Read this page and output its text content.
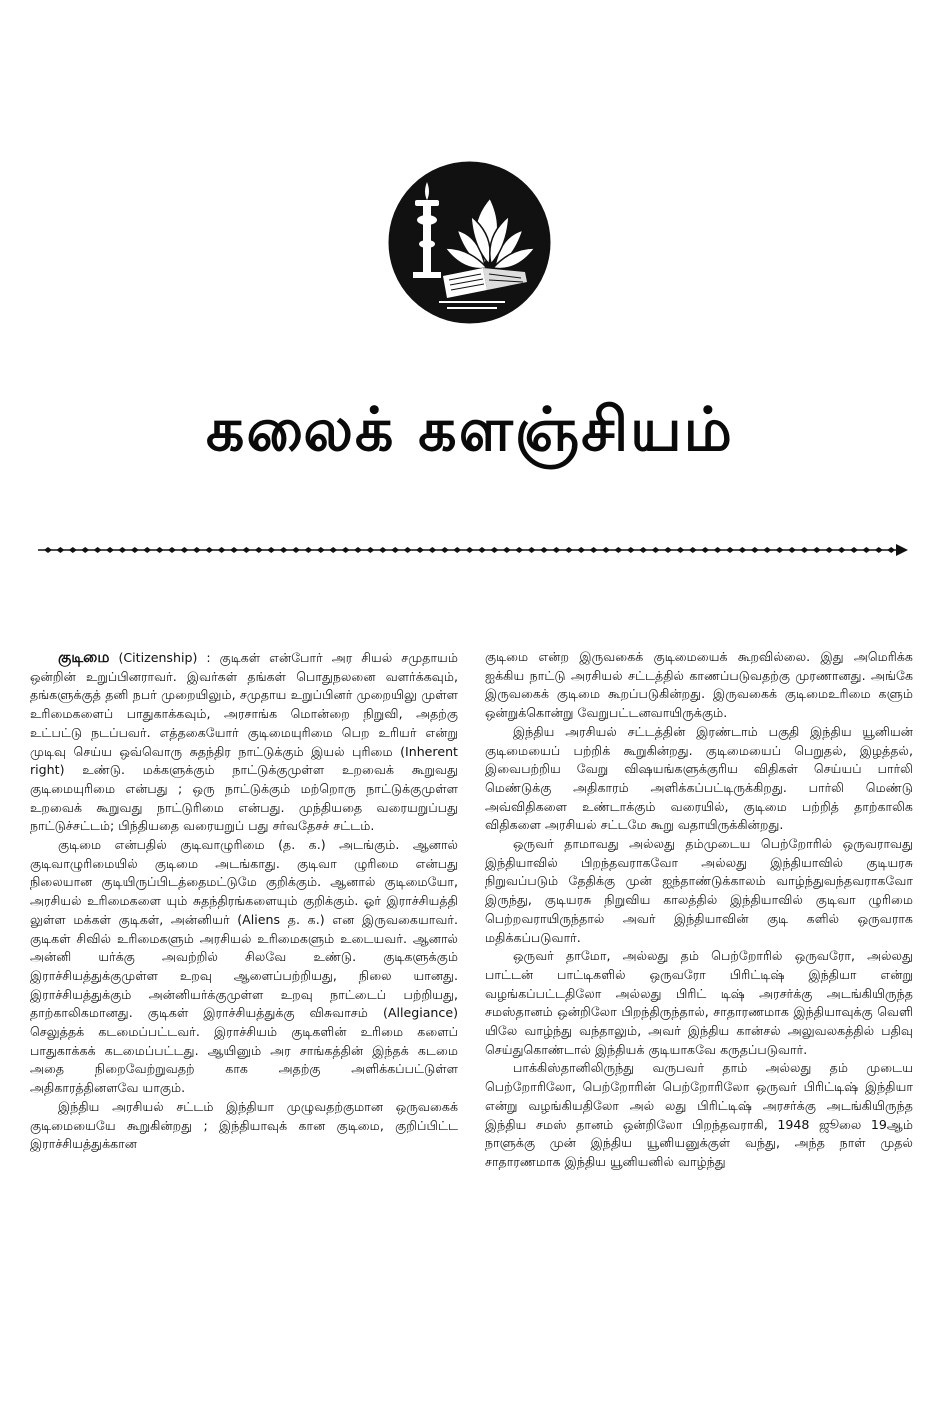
கலைக் களஞ்சியம்

குடிமை (Citizenship) : குடிகள் என்போர் அர சியல் சமுதாயம் ஒன்றின் உறுப்பினராவர். இவர்கள் தங்கள் பொதுநலனை வளர்க்கவும், தங்களுக்குத் தனி நபர் முறையிலும், சமுதாய உறுப்பினர் முறையிலு முள்ள உரிமைகளைப் பாதுகாக்கவும், அரசாங்க மொன்றை நிறுவி, அதற்கு உட்பட்டு நடப்பவர். எத்தகையோர் குடிமையுரிமை பெற உரியர் என்று முடிவு செய்ய ஒவ்வொரு சுதந்திர நாட்டுக்கும் இயல் புரிமை (Inherent right) உண்டு. மக்களுக்கும் நாட்டுக்குமுள்ள உறவைக் கூறுவது குடிமையுரிமை என்பது ; ஒரு நாட்டுக்கும் மற்றொரு நாட்டுக்குமுள்ள உறவைக் கூறுவது நாட்டுரிமை என்பது. முந்தியதை வரையறுப்பது நாட்டுச்சட்டம்; பிந்தியதை வரையறுப் பது சர்வதேசச் சட்டம்.

குடிமை என்பதில் குடிவாழுரிமை (த. க.) அடங்கும். ஆனால் குடிவாழுரிமையில் குடிமை அடங்காது. குடிவா ழுரிமை என்பது நிலையான குடியிருப்பிடத்தைமட்டுமே குறிக்கும். ஆனால் குடிமையோ, அரசியல் உரிமைகளை யும் சுதந்திரங்களையும் குறிக்கும். ஓர் இராச்சியத்தி லுள்ள மக்கள் குடிகள், அன்னியர் (Aliens த. க.) என இருவகையாவர். குடிகள் சிவில் உரிமைகளும் அரசியல் உரிமைகளும் உடையவர். ஆனால் அன்னி யர்க்கு அவற்றில் சிலவே உண்டு. குடிகளுக்கும் இராச்சியத்துக்குமுள்ள உறவு ஆளைப்பற்றியது, நிலை யானது. இராச்சியத்துக்கும் அன்னியர்க்குமுள்ள உறவு நாட்டைப் பற்றியது, தாற்காலிகமானது. குடிகள் இராச்சியத்துக்கு விசுவாசம் (Allegiance) செலுத்தக் கடமைப்பட்டவர். இராச்சியம் குடிகளின் உரிமை களைப் பாதுகாக்கக் கடமைப்பட்டது. ஆயினும் அர சாங்கத்தின் இந்தக் கடமை அதை நிறைவேற்றுவதற் காக அதற்கு அளிக்கப்பட்டுள்ள அதிகாரத்தினளவே யாகும்.

இந்திய அரசியல் சட்டம் இந்தியா முழுவதற்குமான ஒருவகைக் குடிமையையே கூறுகின்றது ; இந்தியாவுக் கான குடிமை, குறிப்பிட்ட இராச்சியத்துக்கான

குடிமை என்ற இருவகைக் குடிமையைக் கூறவில்லை. இது அமெரிக்க ஐக்கிய நாட்டு அரசியல் சட்டத்தில் காணப்படுவதற்கு முரணானது. அங்கே இருவகைக் குடிமை கூறப்படுகின்றது. இருவகைக் குடிமைஉரிமை களும் ஒன்றுக்கொன்று வேறுபட்டனவாயிருக்கும்.

இந்திய அரசியல் சட்டத்தின் இரண்டாம் பகுதி இந்திய யூனியன் குடிமையைப் பற்றிக் கூறுகின்றது. குடிமையைப் பெறுதல், இழத்தல், இவைபற்றிய வேறு விஷயங்களுக்குரிய விதிகள் செய்யப் பார்லி மெண்டுக்கு அதிகாரம் அளிக்கப்பட்டிருக்கிறது. பார்லி மெண்டு அவ்விதிகளை உண்டாக்கும் வரையில், குடிமை பற்றித் தாற்காலிக விதிகளை அரசியல் சட்டமே கூறு வதாயிருக்கின்றது.

ஒருவர் தாமாவது அல்லது தம்முடைய பெற்றோரில் ஒருவராவது இந்தியாவில் பிறந்தவராகவோ அல்லது இந்தியாவில் குடியரசு நிறுவப்படும் தேதிக்கு முன் ஐந்தாண்டுக்காலம் வாழ்ந்துவந்தவராகவோ இருந்து, குடியரசு நிறுவிய காலத்தில் இந்தியாவில் குடிவா ழுரிமை பெற்றவராயிருந்தால் அவர் இந்தியாவின் குடி களில் ஒருவராக மதிக்கப்படுவார்.

ஒருவர் தாமோ, அல்லது தம் பெற்றோரில் ஒருவரோ, அல்லது பாட்டன் பாட்டிகளில் ஒருவரோ பிரிட்டிஷ் இந்தியா என்று வழங்கப்பட்டதிலோ அல்லது பிரிட் டிஷ் அரசர்க்கு அடங்கியிருந்த சமஸ்தானம் ஒன்றிலோ பிறந்திருந்தால், சாதாரணமாக இந்தியாவுக்கு வெளி யிலே வாழ்ந்து வந்தாலும், அவர் இந்திய கான்சல் அலுவலகத்தில் பதிவு செய்துகொண்டால் இந்தியக் குடியாகவே கருதப்படுவார்.

பாக்கிஸ்தானிலிருந்து வருபவர் தாம் அல்லது தம் முடைய பெற்றோரிலோ, பெற்றோரின் பெற்றோரிலோ ஒருவர் பிரிட்டிஷ் இந்தியா என்று வழங்கியதிலோ அல் லது பிரிட்டிஷ் அரசர்க்கு அடங்கியிருந்த இந்திய சமஸ் தானம் ஒன்றிலோ பிறந்தவராகி, 1948 ஜூலை 19ஆம் நாளுக்கு முன் இந்திய யூனியனுக்குள் வந்து, அந்த நாள் முதல் சாதாரணமாக இந்திய யூனியனில் வாழ்ந்து
